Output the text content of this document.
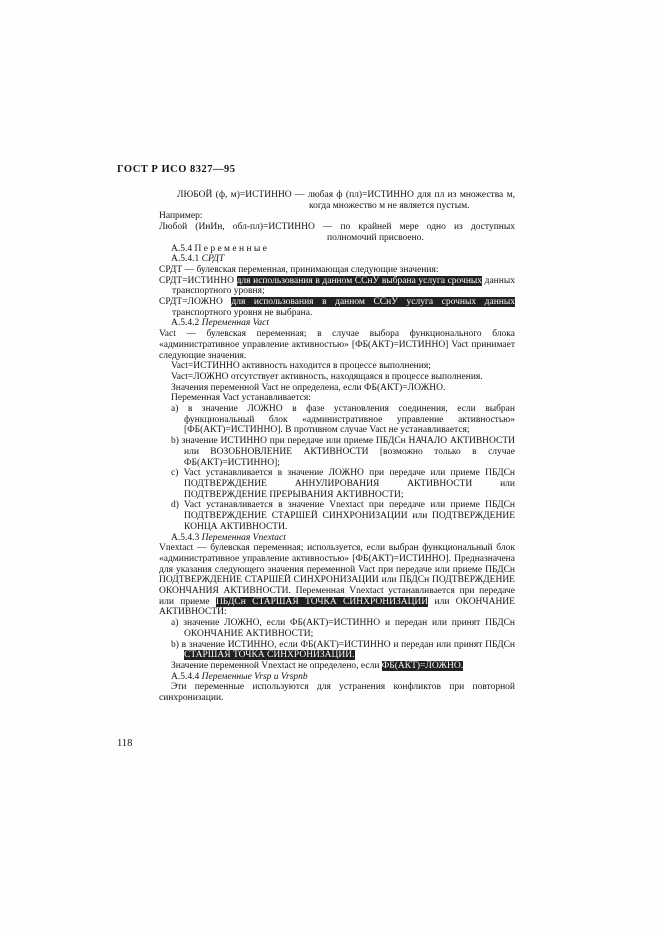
ГОСТ Р ИСО 8327—95

ЛЮБОЙ (ф, м)=ИСТИННО — любая ф (пл)=ИСТИННО для пл из множества м, когда множество м не является пустым.

Например:

Любой (ИнИн, обл-пл)=ИСТИННО — по крайней мере одно из доступных полномочий присвоено.

А.5.4 П е р е м е н н ы е

А.5.4.1 СРДТ

СРДТ — булевская переменная, принимающая следующие значения:

СРДТ=ИСТИННО для использования в данном ССнУ выбрана услуга срочных данных транспортного уровня;

СРДТ=ЛОЖНО для использования в данном ССнУ услуга срочных данных транспортного уровня не выбрана.

А.5.4.2 Переменная Vact

Vact — булевская переменная; в случае выбора функционального блока «административное управление активностью» [ФБ(АКТ)=ИСТИННО] Vact принимает следующие значения.

Vact=ИСТИННО активность находится в процессе выполнения;

Vact=ЛОЖНО отсутствует активность, находящаяся в процессе выполнения.

Значения переменной Vact не определена, если ФБ(АКТ)=ЛОЖНО.

Переменная Vact устанавливается:

а) в значение ЛОЖНО в фазе установления соединения, если выбран функциональный блок «административное управление активностью» [ФБ(АКТ)=ИСТИННО]. В противном случае Vact не устанавливается;

b) значение ИСТИННО при передаче или приеме ПБДСн НАЧАЛО АКТИВНОСТИ или ВОЗОБНОВЛЕНИЕ АКТИВНОСТИ [возможно только в случае ФБ(АКТ)=ИСТИННО];

с) Vact устанавливается в значение ЛОЖНО при передаче или приеме ПБДСн ПОДТВЕРЖДЕНИЕ АННУЛИРОВАНИЯ АКТИВНОСТИ или ПОДТВЕРЖДЕНИЕ ПРЕРЫВАНИЯ АКТИВНОСТИ;

d) Vact устанавливается в значение Vnextact при передаче или приеме ПБДСн ПОДТВЕРЖДЕНИЕ СТАРШЕЙ СИНХРОНИЗАЦИИ или ПОДТВЕРЖДЕНИЕ КОНЦА АКТИВНОСТИ.

А.5.4.3 Переменная Vnextact

Vnextact — булевская переменная; используется, если выбран функциональный блок «административное управление активностью» [ФБ(АКТ)=ИСТИННО]. Предназначена для указания следующего значения переменной Vact при передаче или приеме ПБДСн ПОДТВЕРЖДЕНИЕ СТАРШЕЙ СИНХРОНИЗАЦИИ или ПБДСн ПОДТВЕРЖДЕНИЕ ОКОНЧАНИЯ АКТИВНОСТИ. Переменная Vnextact устанавливается при передаче или приеме ПБДСн СТАРШАЯ ТОЧКА СИНХРОНИЗАЦИИ или ОКОНЧАНИЕ АКТИВНОСТИ:

а) значение ЛОЖНО, если ФБ(АКТ)=ИСТИННО и передан или принят ПБДСн ОКОНЧАНИЕ АКТИВНОСТИ;

b) в значение ИСТИННО, если ФБ(АКТ)=ИСТИННО и передан или принят ПБДСн СТАРШАЯ ТОЧКА СИНХРОНИЗАЦИИ.

Значение переменной Vnextact не определено, если ФБ(АКТ)=ЛОЖНО.

А.5.4.4 Переменные Vrsp и Vrspnb

Эти переменные используются для устранения конфликтов при повторной синхронизации.

118
